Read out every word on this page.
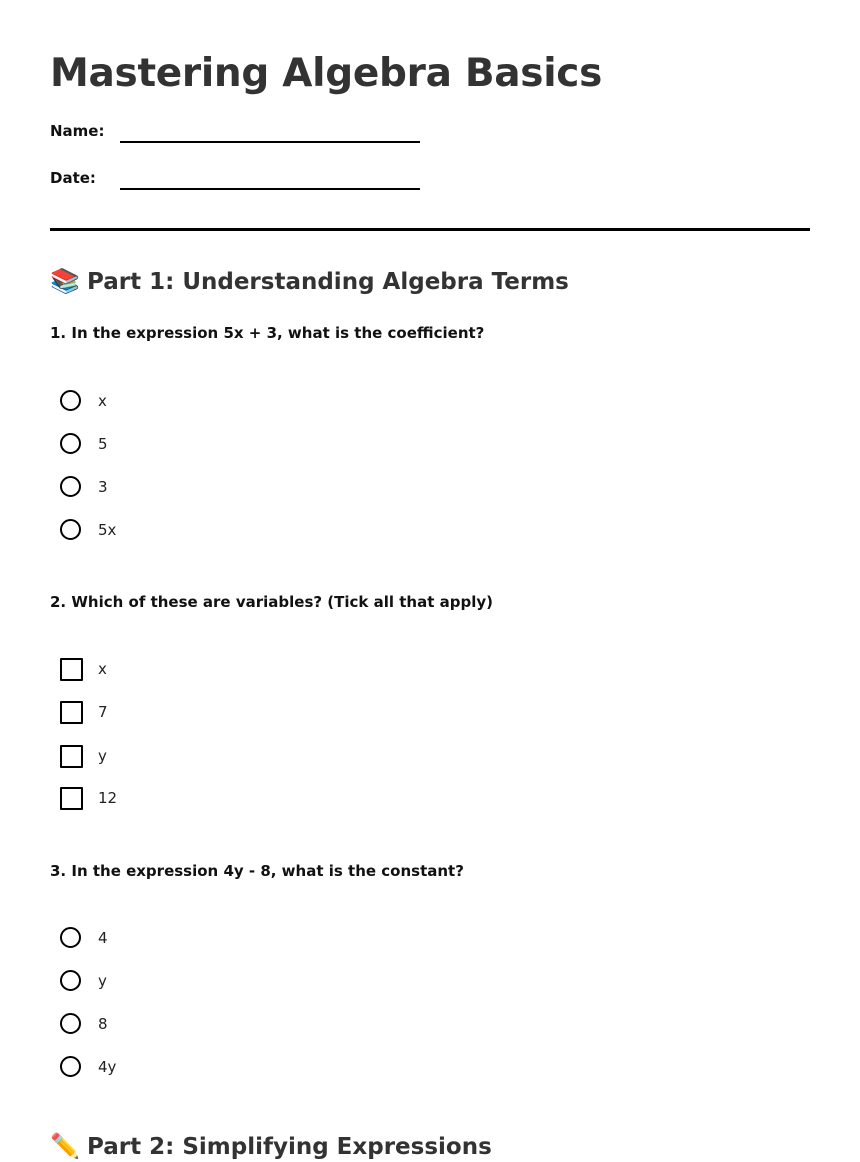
Mastering Algebra Basics
Name:
Date:
📚 Part 1: Understanding Algebra Terms
1. In the expression 5x + 3, what is the coefficient?
x
5
3
5x
2. Which of these are variables? (Tick all that apply)
x
7
y
12
3. In the expression 4y - 8, what is the constant?
4
y
8
4y
✏️ Part 2: Simplifying Expressions
